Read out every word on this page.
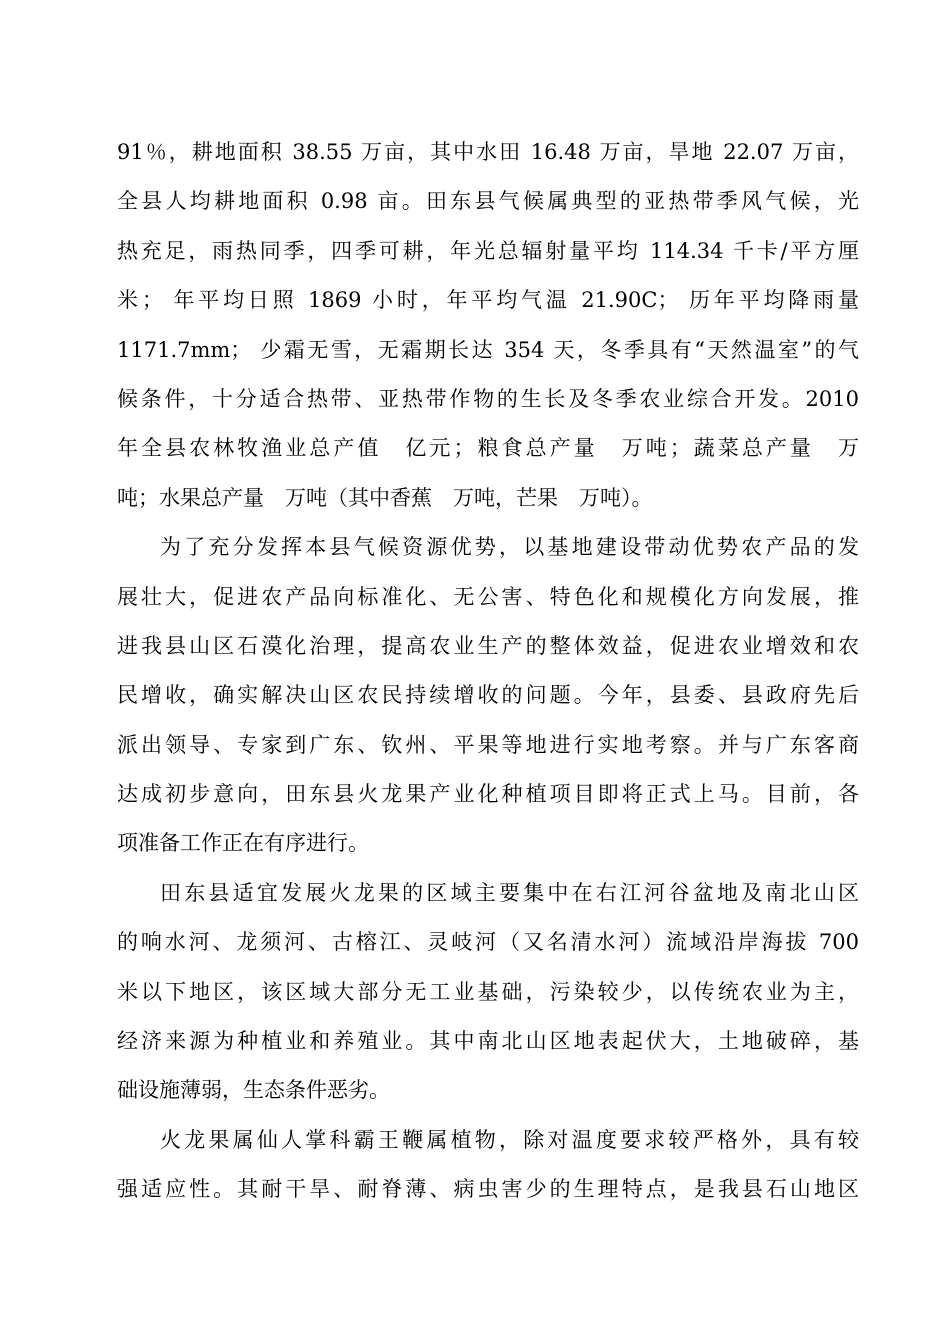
91％，耕地面积 38.55 万亩，其中水田 16.48 万亩，旱地 22.07 万亩，
全县人均耕地面积 0.98 亩。田东县气候属典型的亚热带季风气候，光
热充足，雨热同季，四季可耕，年光总辐射量平均 114.34 千卡/平方厘
米； 年平均日照 1869 小时，年平均气温 21.90C； 历年平均降雨量
1171.7mm； 少霜无雪，无霜期长达 354 天，冬季具有“天然温室”的气
候条件，十分适合热带、亚热带作物的生长及冬季农业综合开发。2010
年全县农林牧渔业总产值　亿元；粮食总产量　万吨；蔬菜总产量　万
吨；水果总产量　万吨（其中香蕉　万吨，芒果　万吨）。
为了充分发挥本县气候资源优势，以基地建设带动优势农产品的发
展壮大，促进农产品向标准化、无公害、特色化和规模化方向发展，推
进我县山区石漠化治理，提高农业生产的整体效益，促进农业增效和农
民增收，确实解决山区农民持续增收的问题。今年，县委、县政府先后
派出领导、专家到广东、钦州、平果等地进行实地考察。并与广东客商
达成初步意向，田东县火龙果产业化种植项目即将正式上马。目前，各
项准备工作正在有序进行。
田东县适宜发展火龙果的区域主要集中在右江河谷盆地及南北山区
的响水河、龙须河、古榕江、灵岐河（又名清水河）流域沿岸海拔 700
米以下地区，该区域大部分无工业基础，污染较少，以传统农业为主，
经济来源为种植业和养殖业。其中南北山区地表起伏大，土地破碎，基
础设施薄弱，生态条件恶劣。
火龙果属仙人掌科霸王鞭属植物，除对温度要求较严格外，具有较
强适应性。其耐干旱、耐脊薄、病虫害少的生理特点，是我县石山地区
